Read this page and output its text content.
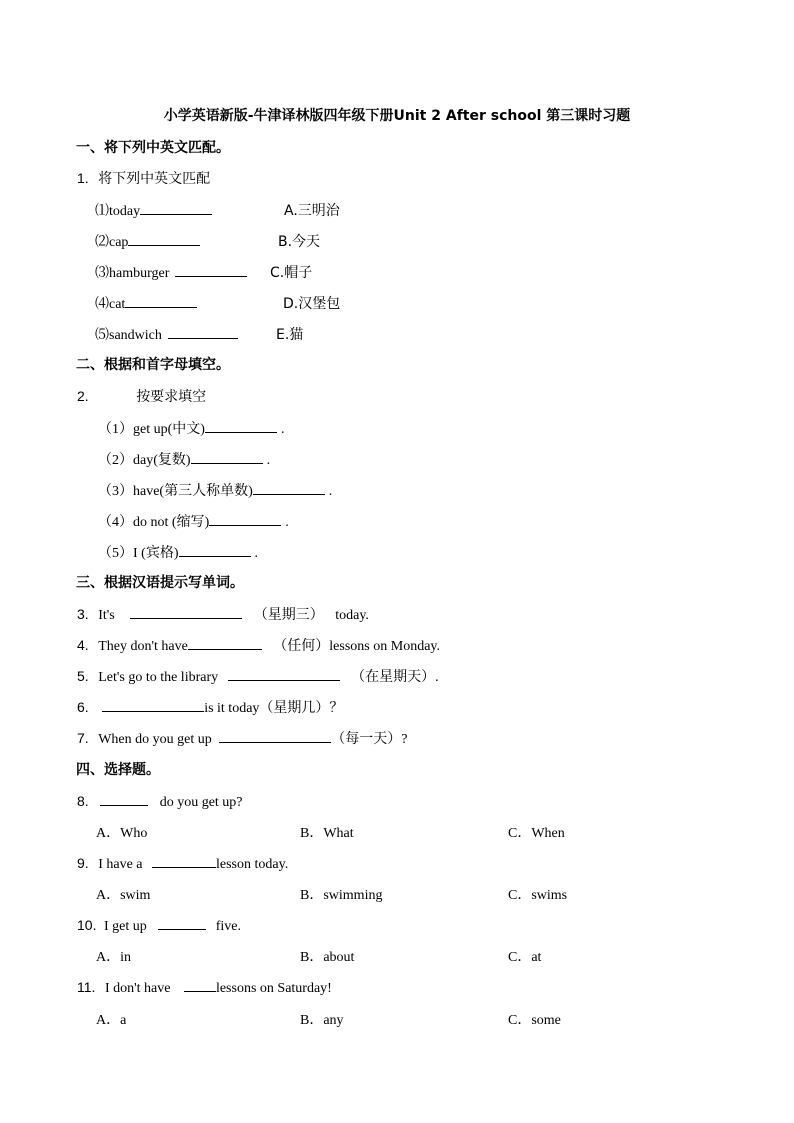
小学英语新版-牛津译林版四年级下册Unit 2 After school 第三课时习题
一、将下列中英文匹配。
1. 将下列中英文匹配
⑴today	A.三明治
⑵cap	B.今天
⑶hamburger	C.帽子
⑷cat	D.汉堡包
⑸sandwich	E.猫
二、根据和首字母填空。
2.	按要求填空
（1）get up(中文)	.
（2）day(复数)	.
（3）have(第三人称单数)	.
（4）do not (缩写)	.
（5）I (宾格)	.
三、根据汉语提示写单词。
3. It's	（星期三） today.
4. They don't have	（任何）lessons on Monday.
5. Let's go to the library	（在星期天）.
6.	is it today（星期几）？
7. When do you get up	（每一天）?
四、选择题。
8.	do you get up?
A．Who	B．What	C．When
9. I have a	lesson today.
A．swim	B．swimming	C．swims
10. I get up	five.
A．in	B．about	C．at
11. I don't have	lessons on Saturday!
A．a	B．any	C．some
